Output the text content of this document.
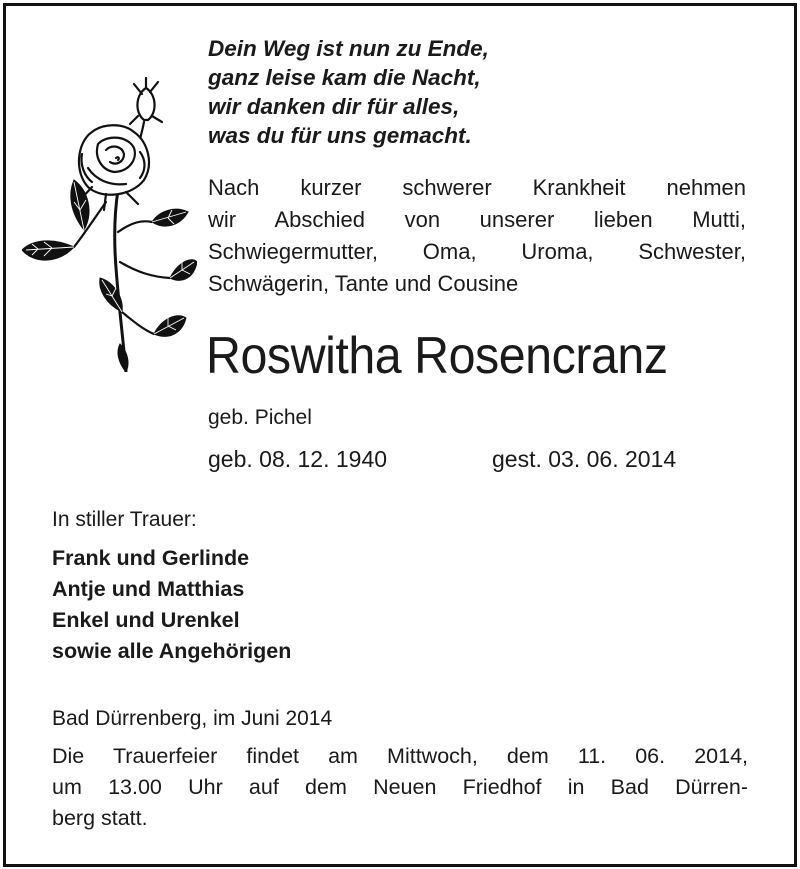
Dein Weg ist nun zu Ende,
ganz leise kam die Nacht,
wir danken dir für alles,
was du für uns gemacht.
Nach kurzer schwerer Krankheit nehmen
wir Abschied von unserer lieben Mutti,
Schwiegermutter, Oma, Uroma, Schwester,
Schwägerin, Tante und Cousine
Roswitha Rosencranz
geb. Pichel
geb. 08. 12. 1940	gest. 03. 06. 2014
In stiller Trauer:
Frank und Gerlinde
Antje und Matthias
Enkel und Urenkel
sowie alle Angehörigen
Bad Dürrenberg, im Juni 2014
Die Trauerfeier findet am Mittwoch, dem 11. 06. 2014,
um 13.00 Uhr auf dem Neuen Friedhof in Bad Dürren-
berg statt.
